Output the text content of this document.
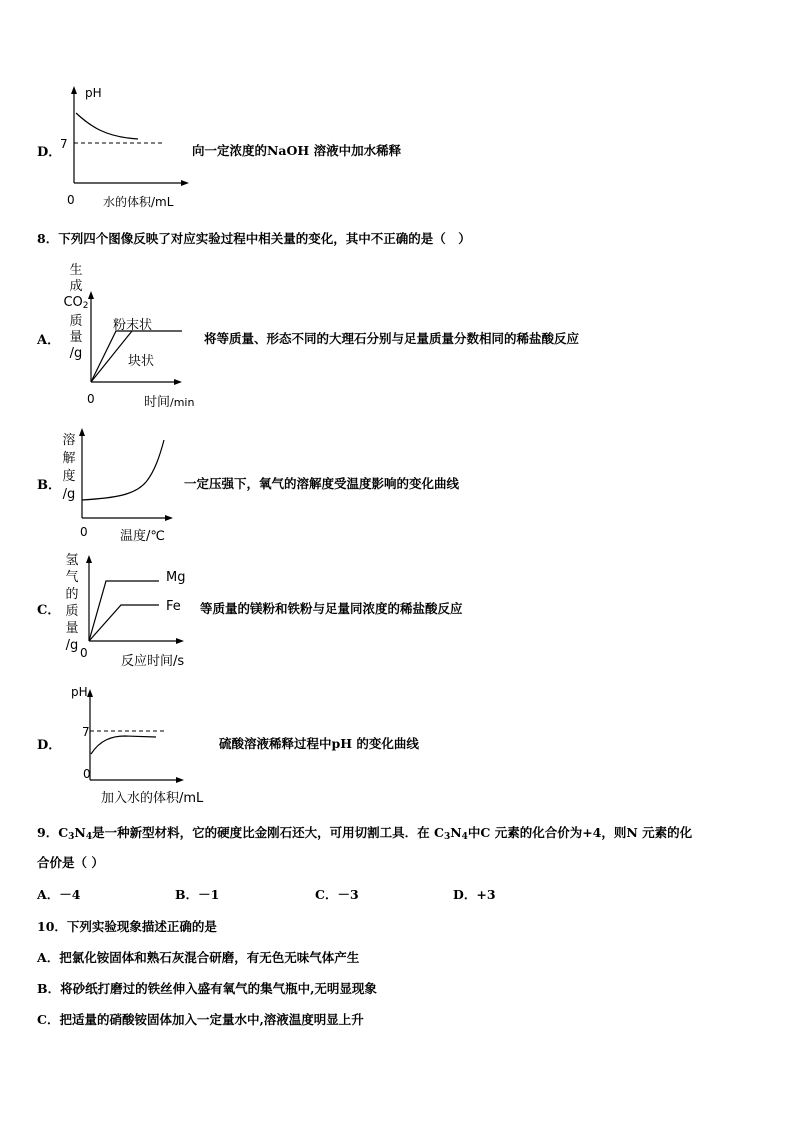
D．
pH
7
0 水的体积/mL
向一定浓度的NaOH 溶液中加水稀释
8．下列四个图像反映了对应实验过程中相关量的变化，其中不正确的是（　）
A．
生
成
$CO_2$
质
量
/g
0	时间/min
粉末状
块状
将等质量、形态不同的大理石分别与足量质量分数相同的稀盐酸反应
B．
溶
解
度
/g
0 温度/℃
一定压强下，氧气的溶解度受温度影响的变化曲线
C．
氢
气
的
质
量
/g 0
反应时间/s
Mg
Fe 等质量的镁粉和铁粉与足量同浓度的稀盐酸反应
D．
pH
7
0
加入水的体积/mL
硫酸溶液稀释过程中pH 的变化曲线
9．$C_3N_4$是一种新型材料，它的硬度比金刚石还大，可用切割工具．在 $C_3N_4$中C 元素的化合价为+4，则N 元素的化
合价是（ ）
A．－4	B．－1	C．－3	D．+3
10．下列实验现象描述正确的是
A．把氯化铵固体和熟石灰混合研磨，有无色无味气体产生
B．将砂纸打磨过的铁丝伸入盛有氧气的集气瓶中,无明显现象
C．把适量的硝酸铵固体加入一定量水中,溶液温度明显上升
